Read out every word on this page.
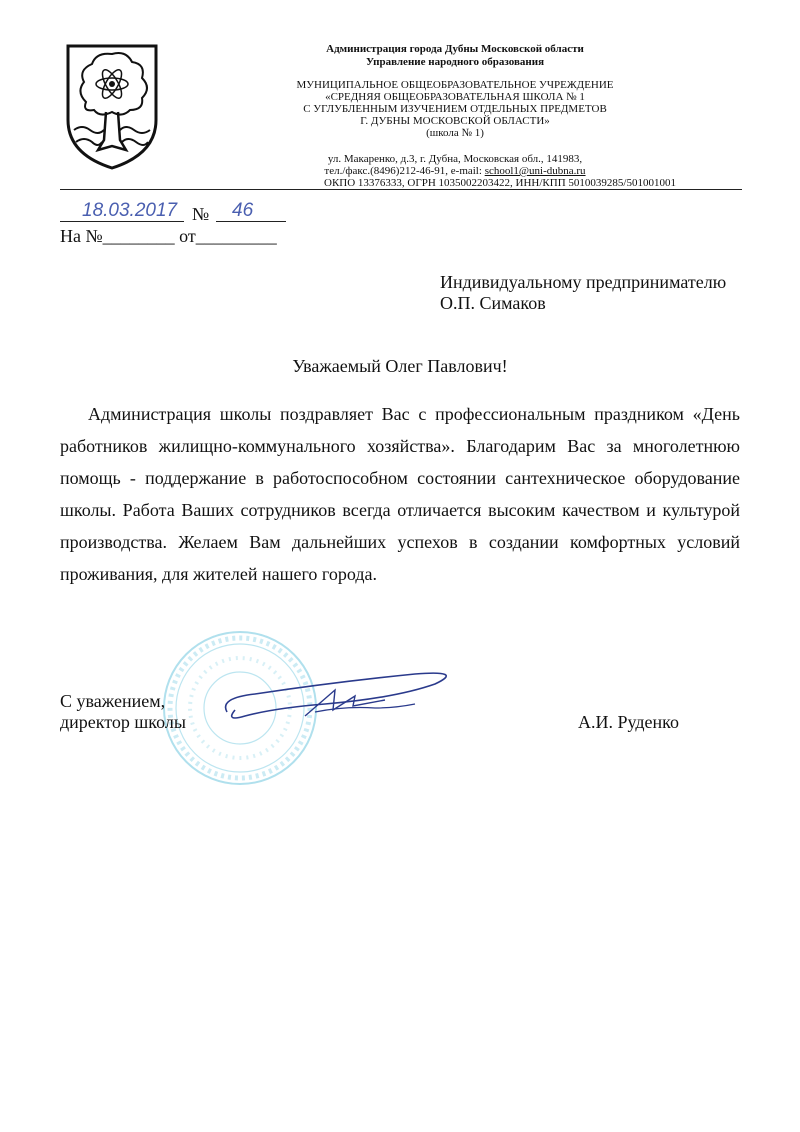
Администрация города Дубны Московской области
Управление народного образования
МУНИЦИПАЛЬНОЕ ОБЩЕОБРАЗОВАТЕЛЬНОЕ УЧРЕЖДЕНИЕ
«СРЕДНЯЯ ОБЩЕОБРАЗОВАТЕЛЬНАЯ ШКОЛА № 1
С УГЛУБЛЕННЫМ ИЗУЧЕНИЕМ ОТДЕЛЬНЫХ ПРЕДМЕТОВ
Г. ДУБНЫ МОСКОВСКОЙ ОБЛАСТИ»
(школа № 1)
ул. Макаренко, д.3, г. Дубна, Московская обл., 141983,
тел./факс.(8496)212-46-91, e-mail: school1@uni-dubna.ru
ОКПО 13376333, ОГРН 1035002203422, ИНН/КПП 5010039285/501001001
18.03.2017 № 46
На №________ от_________
Индивидуальному предпринимателю
О.П. Симаков
Уважаемый Олег Павлович!
Администрация школы поздравляет Вас с профессиональным праздником «День работников жилищно-коммунального хозяйства». Благодарим Вас за многолетнюю помощь - поддержание в работоспособном состоянии сантехническое оборудование школы. Работа Ваших сотрудников всегда отличается высоким качеством и культурой производства. Желаем Вам дальнейших успехов в создании комфортных условий проживания, для жителей нашего города.
С уважением,
директор школы	А.И. Руденко
